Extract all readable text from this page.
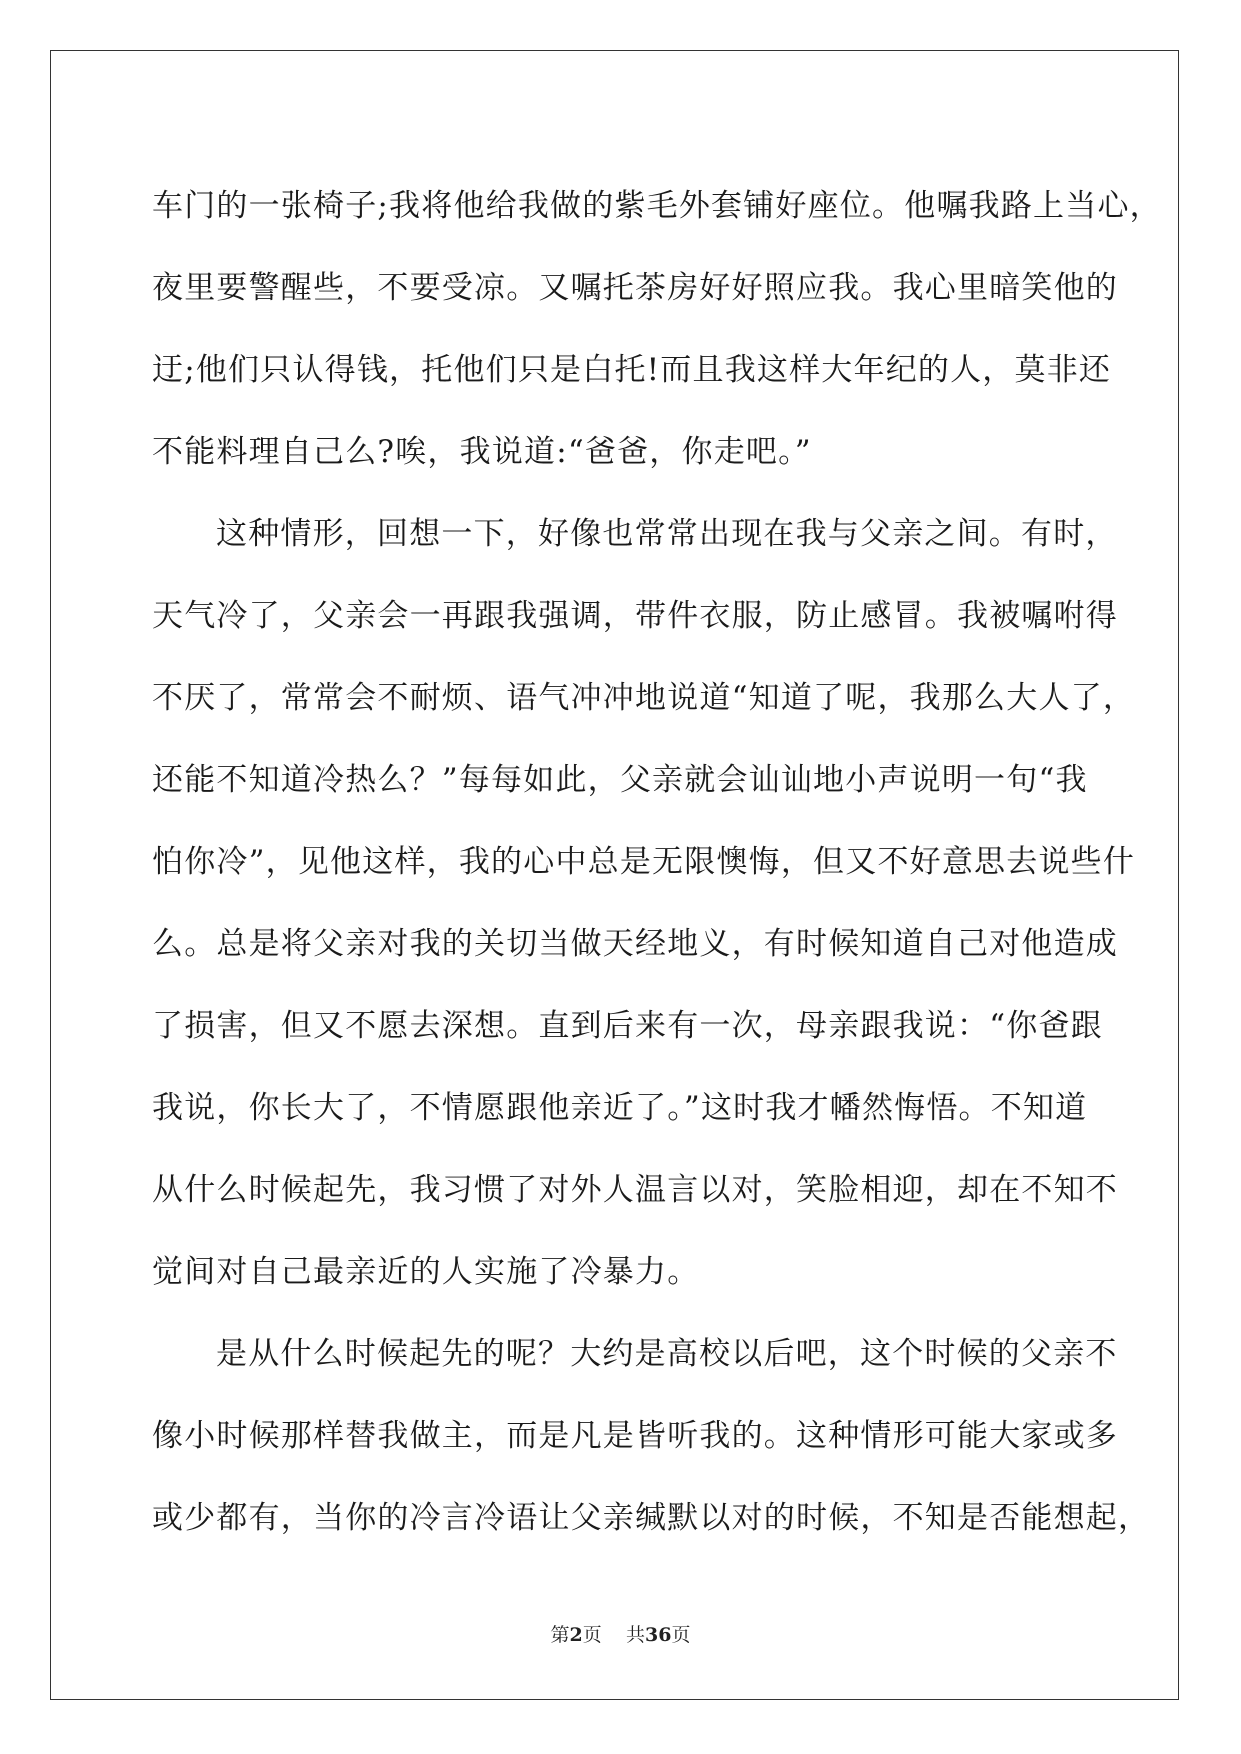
车门的一张椅子;我将他给我做的紫毛外套铺好座位。他嘱我路上当心，
夜里要警醒些，不要受凉。又嘱托茶房好好照应我。我心里暗笑他的
迂;他们只认得钱，托他们只是白托!而且我这样大年纪的人，莫非还
不能料理自己么?唉，我说道:“爸爸，你走吧。”
这种情形，回想一下，好像也常常出现在我与父亲之间。有时，
天气冷了，父亲会一再跟我强调，带件衣服，防止感冒。我被嘱咐得
不厌了，常常会不耐烦、语气冲冲地说道“知道了呢，我那么大人了，
还能不知道冷热么？”每每如此，父亲就会讪讪地小声说明一句“我
怕你冷”，见他这样，我的心中总是无限懊悔，但又不好意思去说些什
么。总是将父亲对我的关切当做天经地义，有时候知道自己对他造成
了损害，但又不愿去深想。直到后来有一次，母亲跟我说：“你爸跟
我说，你长大了，不情愿跟他亲近了。”这时我才幡然悔悟。不知道
从什么时候起先，我习惯了对外人温言以对，笑脸相迎，却在不知不
觉间对自己最亲近的人实施了冷暴力。
是从什么时候起先的呢？大约是高校以后吧，这个时候的父亲不
像小时候那样替我做主，而是凡是皆听我的。这种情形可能大家或多
或少都有，当你的冷言冷语让父亲缄默以对的时候，不知是否能想起，
第2页 共36页
